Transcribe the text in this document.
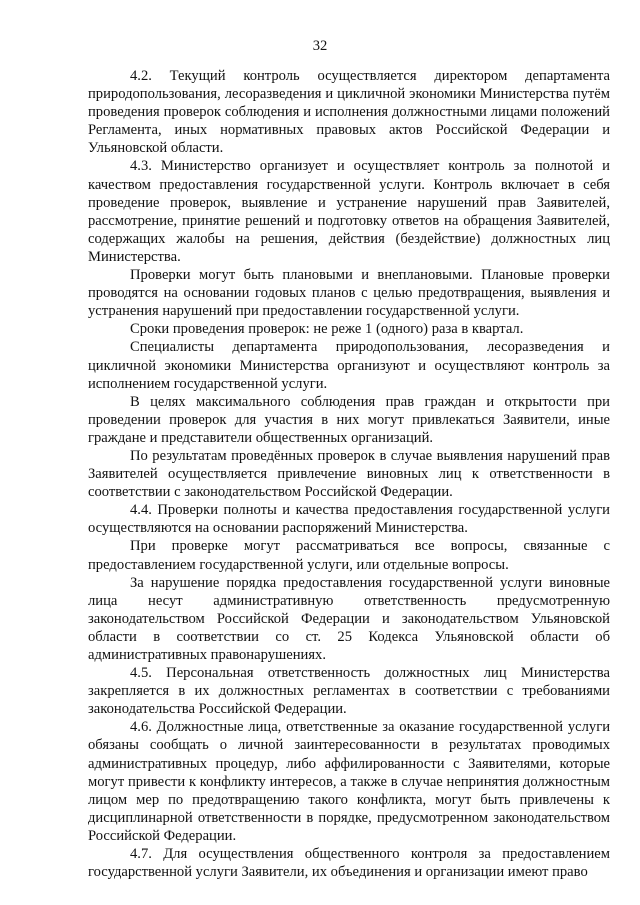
32

4.2. Текущий контроль осуществляется директором департамента природопользования, лесоразведения и цикличной экономики Министерства путём проведения проверок соблюдения и исполнения должностными лицами положений Регламента, иных нормативных правовых актов Российской Федерации и Ульяновской области.

4.3. Министерство организует и осуществляет контроль за полнотой и качеством предоставления государственной услуги. Контроль включает в себя проведение проверок, выявление и устранение нарушений прав Заявителей, рассмотрение, принятие решений и подготовку ответов на обращения Заявителей, содержащих жалобы на решения, действия (бездействие) должностных лиц Министерства.

Проверки могут быть плановыми и внеплановыми. Плановые проверки проводятся на основании годовых планов с целью предотвращения, выявления и устранения нарушений при предоставлении государственной услуги.

Сроки проведения проверок: не реже 1 (одного) раза в квартал.

Специалисты департамента природопользования, лесоразведения и цикличной экономики Министерства организуют и осуществляют контроль за исполнением государственной услуги.

В целях максимального соблюдения прав граждан и открытости при проведении проверок для участия в них могут привлекаться Заявители, иные граждане и представители общественных организаций.

По результатам проведённых проверок в случае выявления нарушений прав Заявителей осуществляется привлечение виновных лиц к ответственности в соответствии с законодательством Российской Федерации.

4.4. Проверки полноты и качества предоставления государственной услуги осуществляются на основании распоряжений Министерства.

При проверке могут рассматриваться все вопросы, связанные с предоставлением государственной услуги, или отдельные вопросы.

За нарушение порядка предоставления государственной услуги виновные лица несут административную ответственность предусмотренную законодательством Российской Федерации и законодательством Ульяновской области в соответствии со ст. 25 Кодекса Ульяновской области об административных правонарушениях.

4.5. Персональная ответственность должностных лиц Министерства закрепляется в их должностных регламентах в соответствии с требованиями законодательства Российской Федерации.

4.6. Должностные лица, ответственные за оказание государственной услуги обязаны сообщать о личной заинтересованности в результатах проводимых административных процедур, либо аффилированности с Заявителями, которые могут привести к конфликту интересов, а также в случае непринятия должностным лицом мер по предотвращению такого конфликта, могут быть привлечены к дисциплинарной ответственности в порядке, предусмотренном законодательством Российской Федерации.

4.7. Для осуществления общественного контроля за предоставлением государственной услуги Заявители, их объединения и организации имеют право
